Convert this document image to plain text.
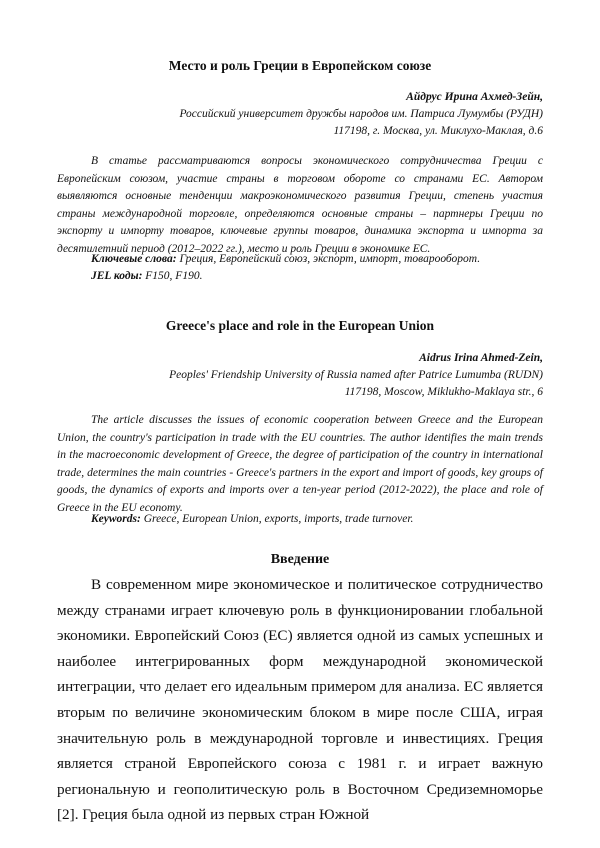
Место и роль Греции в Европейском союзе
Айдрус Ирина Ахмед-Зейн,
Российский университет дружбы народов им. Патриса Лумумбы (РУДН)
117198, г. Москва, ул. Миклухо-Маклая, д.6

В статье рассматриваются вопросы экономического сотрудничества Греции с Европейским союзом, участие страны в торговом обороте со странами ЕС. Автором выявляются основные тенденции макроэкономического развития Греции, степень участия страны международной торговле, определяются основные страны – партнеры Греции по экспорту и импорту товаров, ключевые группы товаров, динамика экспорта и импорта за десятилетний период (2012–2022 гг.), место и роль Греции в экономике ЕС.

Ключевые слова: Греция, Европейский союз, экспорт, импорт, товарооборот.

JEL коды: F150, F190.

Greece's place and role in the European Union
Aidrus Irina Ahmed-Zein,
Peoples' Friendship University of Russia named after Patrice Lumumba (RUDN)
117198, Moscow, Miklukho-Maklaya str., 6

The article discusses the issues of economic cooperation between Greece and the European Union, the country's participation in trade with the EU countries. The author identifies the main trends in the macroeconomic development of Greece, the degree of participation of the country in international trade, determines the main countries - Greece's partners in the export and import of goods, key groups of goods, the dynamics of exports and imports over a ten-year period (2012-2022), the place and role of Greece in the EU economy.

Keywords: Greece, European Union, exports, imports, trade turnover.

Введение

В современном мире экономическое и политическое сотрудничество между странами играет ключевую роль в функционировании глобальной экономики. Европейский Союз (ЕС) является одной из самых успешных и наиболее интегрированных форм международной экономической интеграции, что делает его идеальным примером для анализа. ЕС является вторым по величине экономическим блоком в мире после США, играя значительную роль в международной торговле и инвестициях. Греция является страной Европейского союза с 1981 г. и играет важную региональную и геополитическую роль в Восточном Средиземноморье [2]. Греция была одной из первых стран Южной
